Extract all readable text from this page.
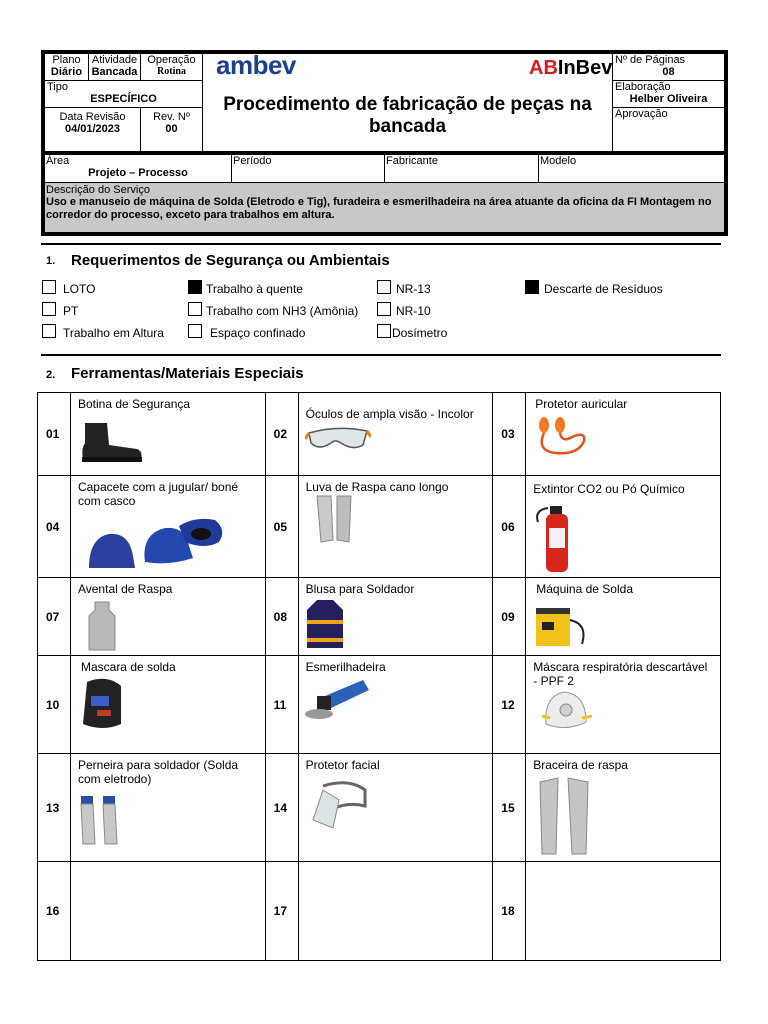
Plano
Diário
Atividade
Bancada
Operação
Rotina
Tipo
ESPECÍFICO
Data Revisão
04/01/2023
Rev. Nº
00
ambev	ABInBev
Procedimento de fabricação de peças na
bancada
Nº de Páginas
08
Elaboração
Helber Oliveira
Aprovação
Área
Projeto – Processo
Período	Fabricante	Modelo
Descrição do Serviço
Uso e manuseio de máquina de Solda (Eletrodo e Tig), furadeira e esmerilhadeira na área atuante da oficina da FI Montagem no corredor do processo, exceto para trabalhos em altura.
1. Requerimentos de Segurança ou Ambientais
LOTO	Trabalho à quente	NR-13	Descarte de Resíduos
PT	Trabalho com NH3 (Amônia)	NR-10
Trabalho em Altura	Espaço confinado	Dosímetro
2. Ferramentas/Materiais Especiais
01	Botina de Segurança	02	Óculos de ampla visão - Incolor	03	Protetor auricular

04	Capacete com a jugular/ boné com casco	05	Luva de Raspa cano longo	06	Extintor CO2 ou Pó Químico

07	Avental de Raspa	08	Blusa para Soldador	09	Máquina de Solda

10	Mascara de solda	11	Esmerilhadeira	12	Máscara respiratória descartável - PPF 2

13	Perneira para soldador (Solda com eletrodo)	14	Protetor facial	15	Braceira de raspa

16		17		18	
